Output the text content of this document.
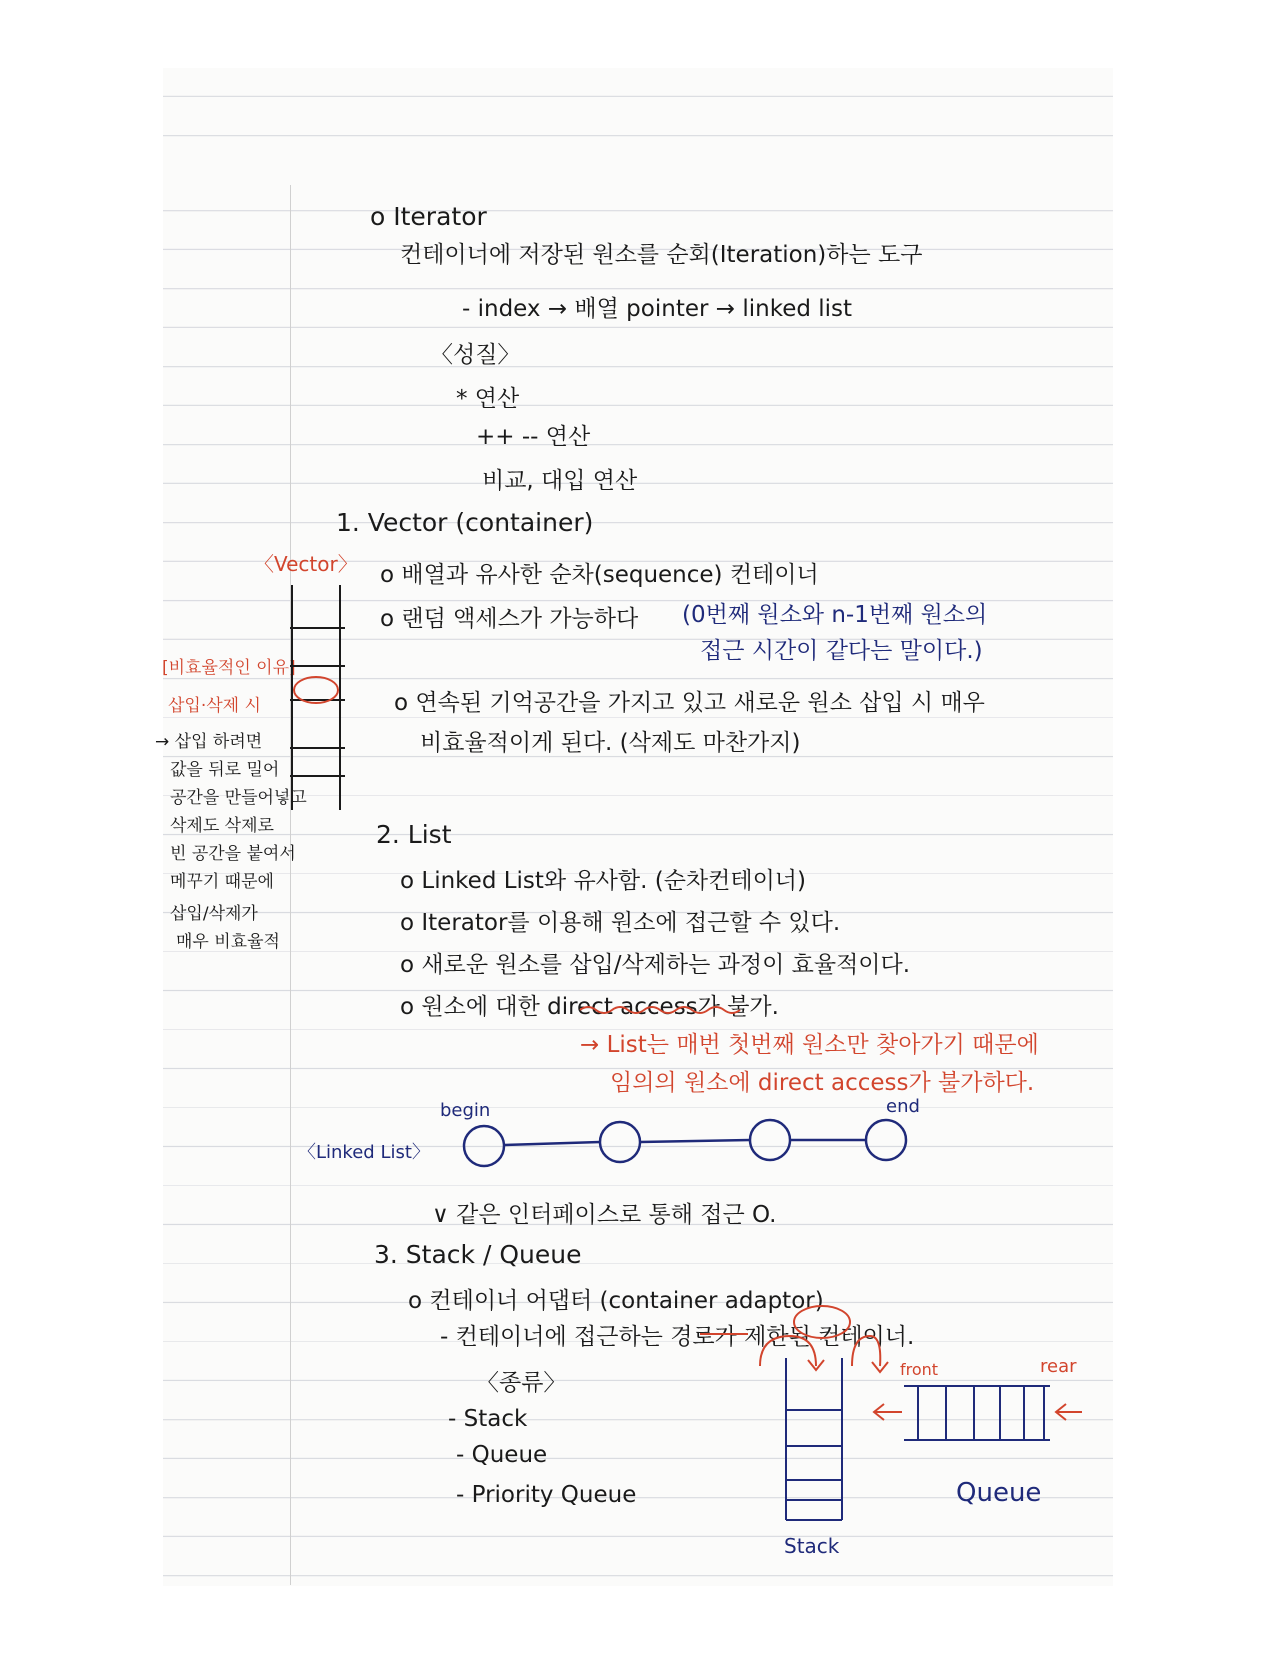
o Iterator
컨테이너에 저장된 원소를 순회(Iteration)하는 도구
- index → 배열 pointer → linked list
〈성질〉
* 연산
++ -- 연산
비교, 대입 연산
1. Vector (container)
〈Vector〉 o 배열과 유사한 순차(sequence) 컨테이너
o 랜덤 액세스가 가능하다 (0번째 원소와 n-1번째 원소의
접근 시간이 같다는 말이다.)
o 연속된 기억공간을 가지고 있고 새로운 원소 삽입 시 매우
비효율적이게 된다. (삭제도 마찬가지)
[비효율적인 이유]
삽입·삭제 시
→ 삽입 하려면
값을 뒤로 밀어
공간을 만들어넣고
삭제도 삭제로
빈 공간을 붙여서
메꾸기 때문에
삽입/삭제가
매우 비효율적
2. List
o Linked List와 유사함. (순차컨테이너)
o Iterator를 이용해 원소에 접근할 수 있다.
o 새로운 원소를 삽입/삭제하는 과정이 효율적이다.
o 원소에 대한 direct access가 불가.
→ List는 매번 첫번째 원소만 찾아가기 때문에
임의의 원소에 direct access가 불가하다.
〈Linked List〉
begin	end
∨ 같은 인터페이스로 통해 접근 O.
3. Stack / Queue
o 컨테이너 어댑터 (container adaptor)
- 컨테이너에 접근하는 경로가 제한된 컨테이너.
〈종류〉
- Stack
- Queue
- Priority Queue
Stack
Queue
front	rear
